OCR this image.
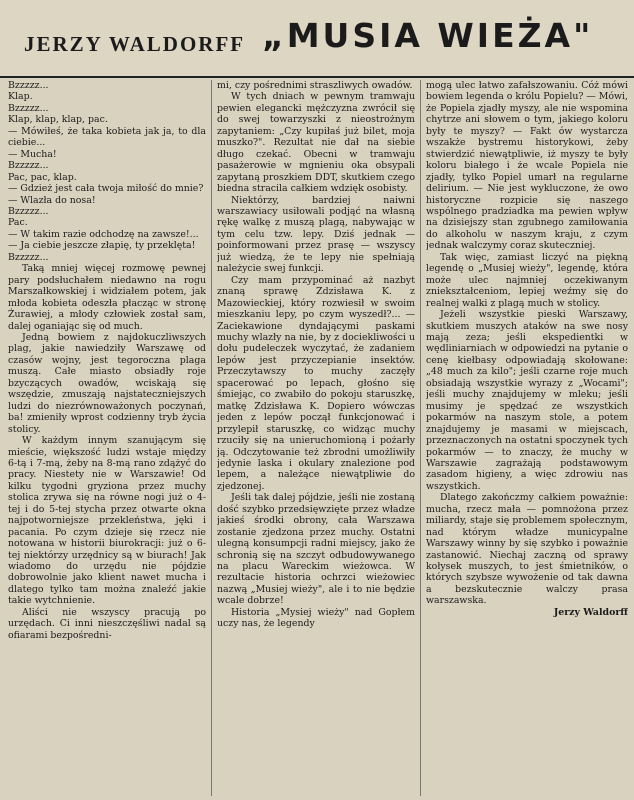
JERZY WALDORFF „MUSIA WIEŻA"

Bzzzzz...

Klap.

Bzzzzz...

Klap, klap, klap, pac.

— Mówiłeś, że taka kobieta jak ja, to dla ciebie...

— Mucha!

Bzzzzz...

Pac, pac, klap.

— Gdzież jest cała twoja miłość do mnie?

— Wlazła do nosa!

Bzzzzz...

Pac.

— W takim razie odchodzę na zawsze!...

— Ja ciebie jeszcze złapię, ty przeklęta!

Bzzzzz...

Taką mniej więcej rozmowę pewnej pary podsłuchałem niedawno na rogu Marszałkowskiej i widziałem potem, jak młoda kobieta odeszła płacząc w stronę Żurawiej, a młody człowiek został sam, dalej oganiając się od much.

Jedną bowiem z najdokuczliwszych plag, jakie nawiedziły Warszawę od czasów wojny, jest tegoroczna plaga muszą. Całe miasto obsiadły roje bzyczących owadów, wciskają się wszędzie, zmuszają najstateczniejszych ludzi do niezrównoważonych poczynań, ba! zmieniły wprost codzienny tryb życia stolicy.

W każdym innym szanującym się mieście, większość ludzi wstaje między 6-tą i 7-mą, żeby na 8-mą rano zdążyć do pracy. Niestety nie w Warszawie! Od kilku tygodni gryziona przez muchy stolica zrywa się na równe nogi już o 4-tej i do 5-tej stycha przez otwarte okna najpotworniejsze przekleństwa, jęki i pacania. Po czym dzieje się rzecz nie notowana w historii biurokracji: już o 6-tej niektórzy urzędnicy są w biurach! Jak wiadomo do urzędu nie pójdzie dobrowolnie jako klient nawet mucha i dlatego tylko tam można znaleźć jakie takie wytchnienie.

Aliści nie wszyscy pracują po urzędach. Ci inni nieszczęśliwi nadal są ofiarami bezpośredni-

mi, czy pośrednimi straszliwych owadów.

W tych dniach w pewnym tramwaju pewien elegancki mężczyzna zwrócił się do swej towarzyszki z nieostrożnym zapytaniem: „Czy kupiłaś już bilet, moja muszko?". Rezultat nie dał na siebie długo czekać. Obecni w tramwaju pasażerowie w mgnieniu oka obsypali zapytaną proszkiem DDT, skutkiem czego biedna stracila całkiem wdzięk osobisty.

Niektórzy, bardziej naiwni warszawiacy usiłowali podjąć na własną rękę walkę z muszą plagą, nabywając w tym celu tzw. lepy. Dziś jednak — poinformowani przez prasę — wszyscy już wiedzą, że te lepy nie spełniają należycie swej funkcji.

Czy mam przypominać aż nazbyt znaną sprawę Zdzisława K. z Mazowieckiej, który rozwiesił w swoim mieszkaniu lepy, po czym wyszedł?... — Zaciekawione dyndającymi paskami muchy wlazły na nie, by z dociekliwości u dołu pudełeczek wyczytać, że zadaniem lepów jest przyczepianie insektów. Przeczytawszy to muchy zaczęły spacerować po lepach, głośno się śmiejąc, co zwabiło do pokoju staruszkę, matkę Zdzisława K. Dopiero wówczas jeden z lepów począł funkcjonować i przylepił staruszkę, co widząc muchy rzuciły się na unieruchomioną i pożarły ją. Odczytowanie też zbrodni umożliwiły jedynie laska i okulary znalezione pod lepem, a należące niewątpliwie do zjedzonej.

Jeśli tak dalej pójdzie, jeśli nie zostaną dość szybko przedsięwzięte przez władze jakieś środki obrony, cała Warszawa zostanie zjedzona przez muchy. Ostatni ulegną konsumpcji radni miejscy, jako że schronią się na szczyt odbudowywanego na placu Wareckim wieżowca. W rezultacie historia ochrzci wieżowiec nazwą „Musiej wieży", ale i to nie będzie wcale dobrze!

Historia „Mysiej wieży" nad Gopłem uczy nas, że legendy

mogą ulec łatwo zafałszowaniu. Cóż mówi bowiem legenda o królu Popielu? — Mówi, że Popiela zjadły myszy, ale nie wspomina chytrze ani słowem o tym, jakiego koloru były te myszy? — Fakt ów wystarcza wszakże bystremu historykowi, żeby stwierdzić niewątpliwie, iż myszy te były koloru białego i że wcale Popiela nie zjadły, tylko Popiel umarł na regularne delirium. — Nie jest wykluczone, że owo historyczne rozpicie się naszego wspólnego pradziadka ma pewien wpływ na dzisiejszy stan zgubnego zamiłowania do alkoholu w naszym kraju, z czym jednak walczymy coraz skuteczniej.

Tak więc, zamiast liczyć na piękną legendę o „Musiej wieży", legendę, która może ulec najmniej oczekiwanym zniekształceniom, lepiej weźmy się do realnej walki z plagą much w stolicy.

Jeżeli wszystkie pieski Warszawy, skutkiem muszych ataków na swe nosy mają zeza; jeśli ekspedientki w wędliniarniach w odpowiedzi na pytanie o cenę kiełbasy odpowiadają skołowane: „48 much za kilo"; jeśli czarne roje much obsiadają wszystkie wyrazy z „Wocami"; jeśli muchy znajdujemy w mleku; jeśli musimy je spędzać ze wszystkich pokarmów na naszym stole, a potem znajdujemy je masami w miejscach, przeznaczonych na ostatni spoczynek tych pokarmów — to znaczy, że muchy w Warszawie zagrażają podstawowym zasadom higieny, a więc zdrowiu nas wszystkich.

Dlatego zakończmy całkiem poważnie: mucha, rzecz mała — pomnożona przez miliardy, staje się problemem społecznym, nad którym władze municypalne Warszawy winny by się szybko i poważnie zastanowić. Niechaj zaczną od sprawy kołysek muszych, to jest śmietników, o których szybsze wywożenie od tak dawna a bezskutecznie walczy prasa warszawska.

Jerzy Waldorff
